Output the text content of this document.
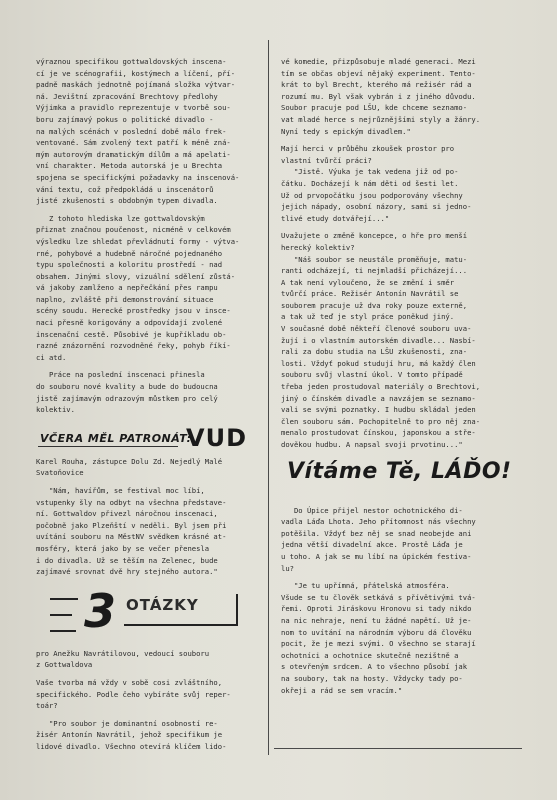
výraznou specifikou gottwaldovských inscena-
cí je ve scénografii, kostýmech a líčení, pří-
padně maskách jednotně pojímaná složka výtvar-
ná. Jevištní zpracování Brechtovy předlohy
Výjimka a pravidlo reprezentuje v tvorbě sou-
boru zajímavý pokus o politické divadlo -
na malých scénách v poslední době málo frek-
ventované. Sám zvolený text patří k méně zná-
mým autorovým dramatickým dílům a má apelati-
vní charakter. Metoda autorská je u Brechta
spojena se specifickými požadavky na inscenová-
vání textu, což předpokládá u inscenátorů
jisté zkušenosti s obdobným typem divadla.
Z tohoto hlediska lze gottwaldovským
přiznat značnou poučenost, nicméně v celkovém
výsledku lze shledat převládnutí formy - výtva-
rné, pohybové a hudebně náročné pojednaného
typu společnosti a koloritu prostředí - nad
obsahem. Jinými slovy, vizuální sdělení zůstá-
vá jakoby zamlženo a nepřečkání přes rampu
naplno, zvláště při demonstrování situace
scény soudu. Herecké prostředky jsou v insce-
naci přesně korigovány a odpovídají zvolené
inscenační cestě. Působivé je kupříkladu ob-
razné znázornění rozvodněné řeky, pohyb říkí-
ci atd.
Práce na poslední inscenaci přinesla
do souboru nové kvality a bude do budoucna
jistě zajímavým odrazovým můstkem pro celý
kolektiv.
VČERA MĚL PATRONÁT:
VUD
Karel Rouha, zástupce Dolu Zd. Nejedlý Malé
Svatoňovice
"Nám, havířům, se festival moc líbí,
vstupenky šly na odbyt na všechna představe-
ní. Gottwaldov přivezl náročnou inscenaci,
počobně jako Plzeňští v neděli. Byl jsem při
uvítání souboru na MěstNV svědkem krásné at-
mosféry, která jako by se večer přenesla
i do divadla. Už se těším na Zelenec, bude
zajímavé srovnat dvě hry stejného autora."
3 OTÁZKY
pro Anežku Navrátilovou, vedoucí souboru
z Gottwaldova
Vaše tvorba má vždy v sobě cosi zvláštního,
specifického. Podle čeho vybíráte svůj reper-
toár?
"Pro soubor je dominantní osobností re-
žisér Antonín Navrátil, jehož specifikum je
lidové divadlo. Všechno otevírá klíčem lido-
vé komedie, přizpůsobuje mladé generaci. Mezi
tím se občas objeví nějaký experiment. Tento-
krát to byl Brecht, kterého má režisér rád a
rozumí mu. Byl však vybrán i z jiného důvodu.
Soubor pracuje pod LŠU, kde chceme seznamo-
vat mladé herce s nejrůznějšími styly a žánry.
Nyní tedy s epickým divadlem."
Mají herci v průběhu zkoušek prostor pro
vlastní tvůrčí práci?
"Jistě. Výuka je tak vedena již od po-
čátku. Docházejí k nám děti od šesti let.
Už od prvopočátku jsou podporovány všechny
jejich nápady, osobní názory, sami si jedno-
tlivé etudy dotvářejí..."
Uvažujete o změně koncepce, o hře pro menší
herecký kolektiv?
"Náš soubor se neustále proměňuje, matu-
ranti odcházejí, ti nejmladší přicházejí...
A tak není vyloučeno, že se změní i směr
tvůrčí práce. Režisér Antonín Navrátil se
souborem pracuje už dva roky pouze externě,
a tak už teď je styl práce poněkud jiný.
V současné době někteří členové souboru uva-
žují i o vlastním autorském divadle... Nasbí-
rali za dobu studia na LŠU zkušenosti, zna-
losti. Vždyť pokud studují hru, má každý člen
souboru svůj vlastní úkol. V tomto případě
třeba jeden prostudoval materiály o Brechtovi,
jiný o čínském divadle a navzájem se seznamo-
vali se svými poznatky. I hudbu skládal jeden
člen souboru sám. Pochopitelně to pro něj zna-
menalo prostudovat čínskou, japonskou a stře-
dověkou hudbu. A napsal svoji prvotinu..."
Vítáme Tě, LÁĎO!
Do Úpice přijel nestor ochotnického di-
vadla Láďa Lhota. Jeho přítomnost nás všechny
potěšila. Vždyť bez něj se snad neobejde ani
jedna větší divadelní akce. Prostě Láďa je
u toho. A jak se mu líbí na úpickém festiva-
lu?
"Je tu upřímná, přátelská atmosféra.
Všude se tu člověk setkává s přívětivými tvá-
řemi. Oproti Jiráskovu Hronovu si tady nikdo
na nic nehraje, není tu žádné napětí. Už je-
nom to uvítání na národním výboru dá člověku
pocit, že je mezi svými. O všechno se starají
ochotníci a ochotnice skutečně nezištně a
s otevřeným srdcem. A to všechno působí jak
na soubory, tak na hosty. Vždycky tady po-
okřeji a rád se sem vracím."
